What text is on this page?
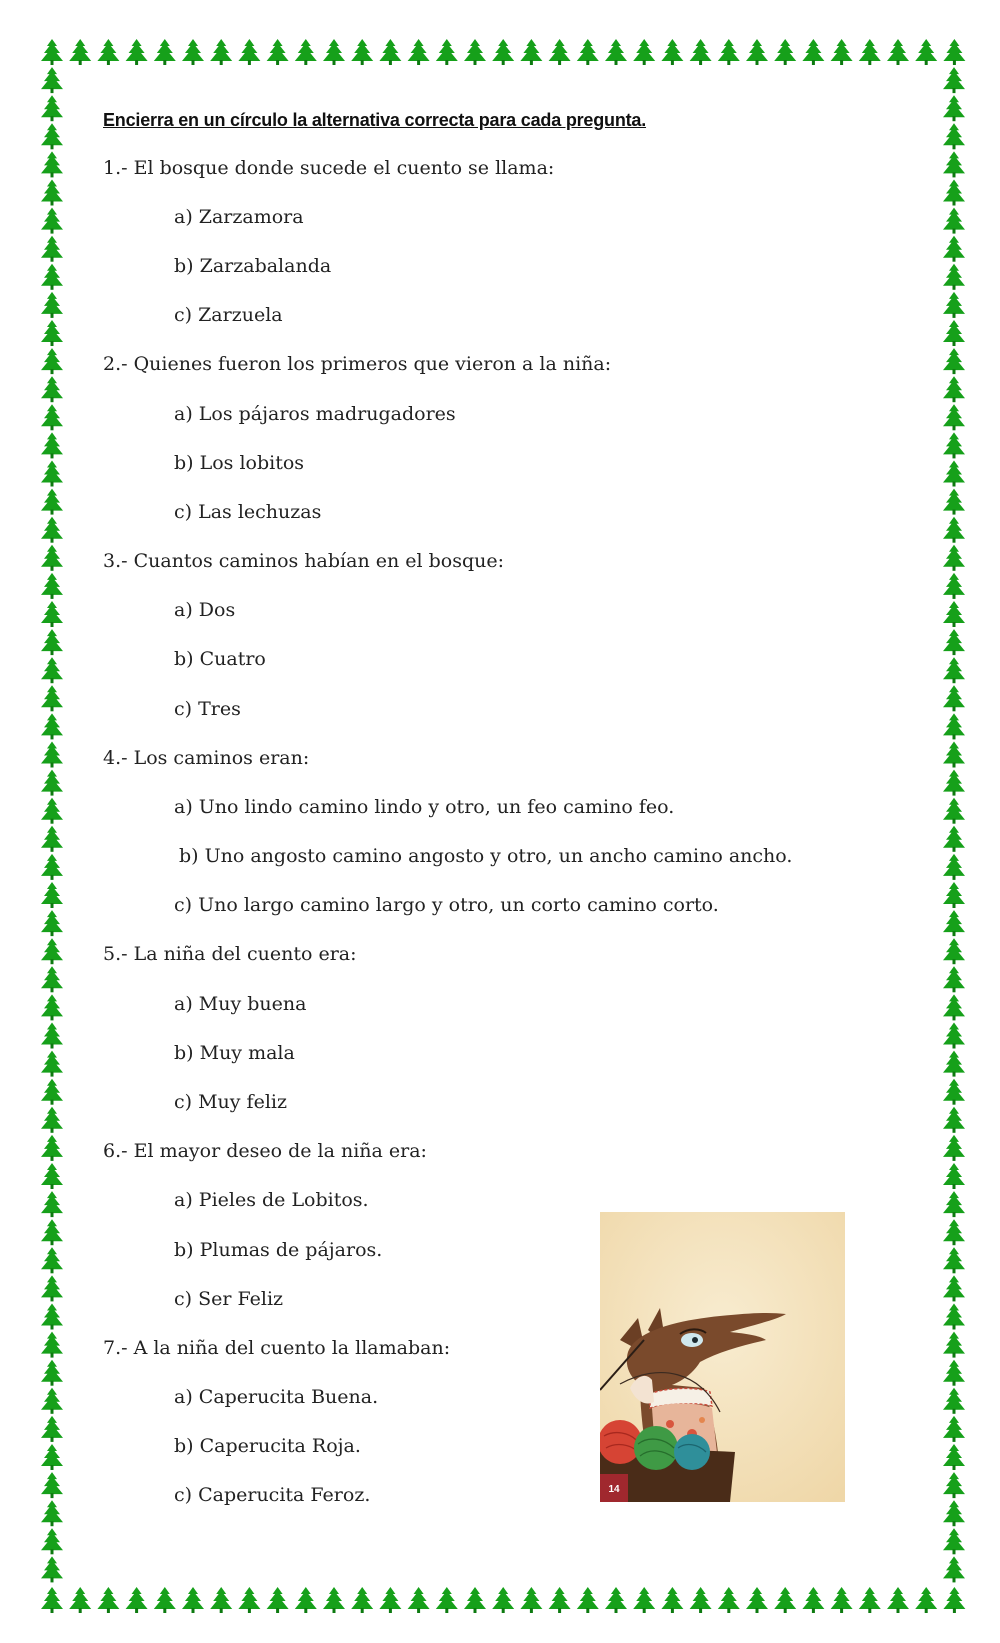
Encierra en un círculo la alternativa correcta para cada pregunta.
1.- El bosque donde sucede el cuento se llama:
a) Zarzamora
b) Zarzabalanda
c) Zarzuela
2.- Quienes fueron los primeros que vieron a la niña:
a) Los pájaros madrugadores
b) Los lobitos
c) Las lechuzas
3.- Cuantos caminos habían en el bosque:
a) Dos
b) Cuatro
c) Tres
4.- Los caminos eran:
a) Uno lindo camino lindo y otro, un feo camino feo.
b) Uno angosto camino angosto y otro, un ancho camino ancho.
c) Uno largo camino largo y otro, un corto camino corto.
5.- La niña del cuento era:
a) Muy buena
b) Muy mala
c) Muy feliz
6.- El mayor deseo de la niña era:
a) Pieles de Lobitos.
b) Plumas de pájaros.
c) Ser Feliz
7.- A la niña del cuento la llamaban:
a) Caperucita Buena.
b) Caperucita Roja.
c) Caperucita Feroz.	14
